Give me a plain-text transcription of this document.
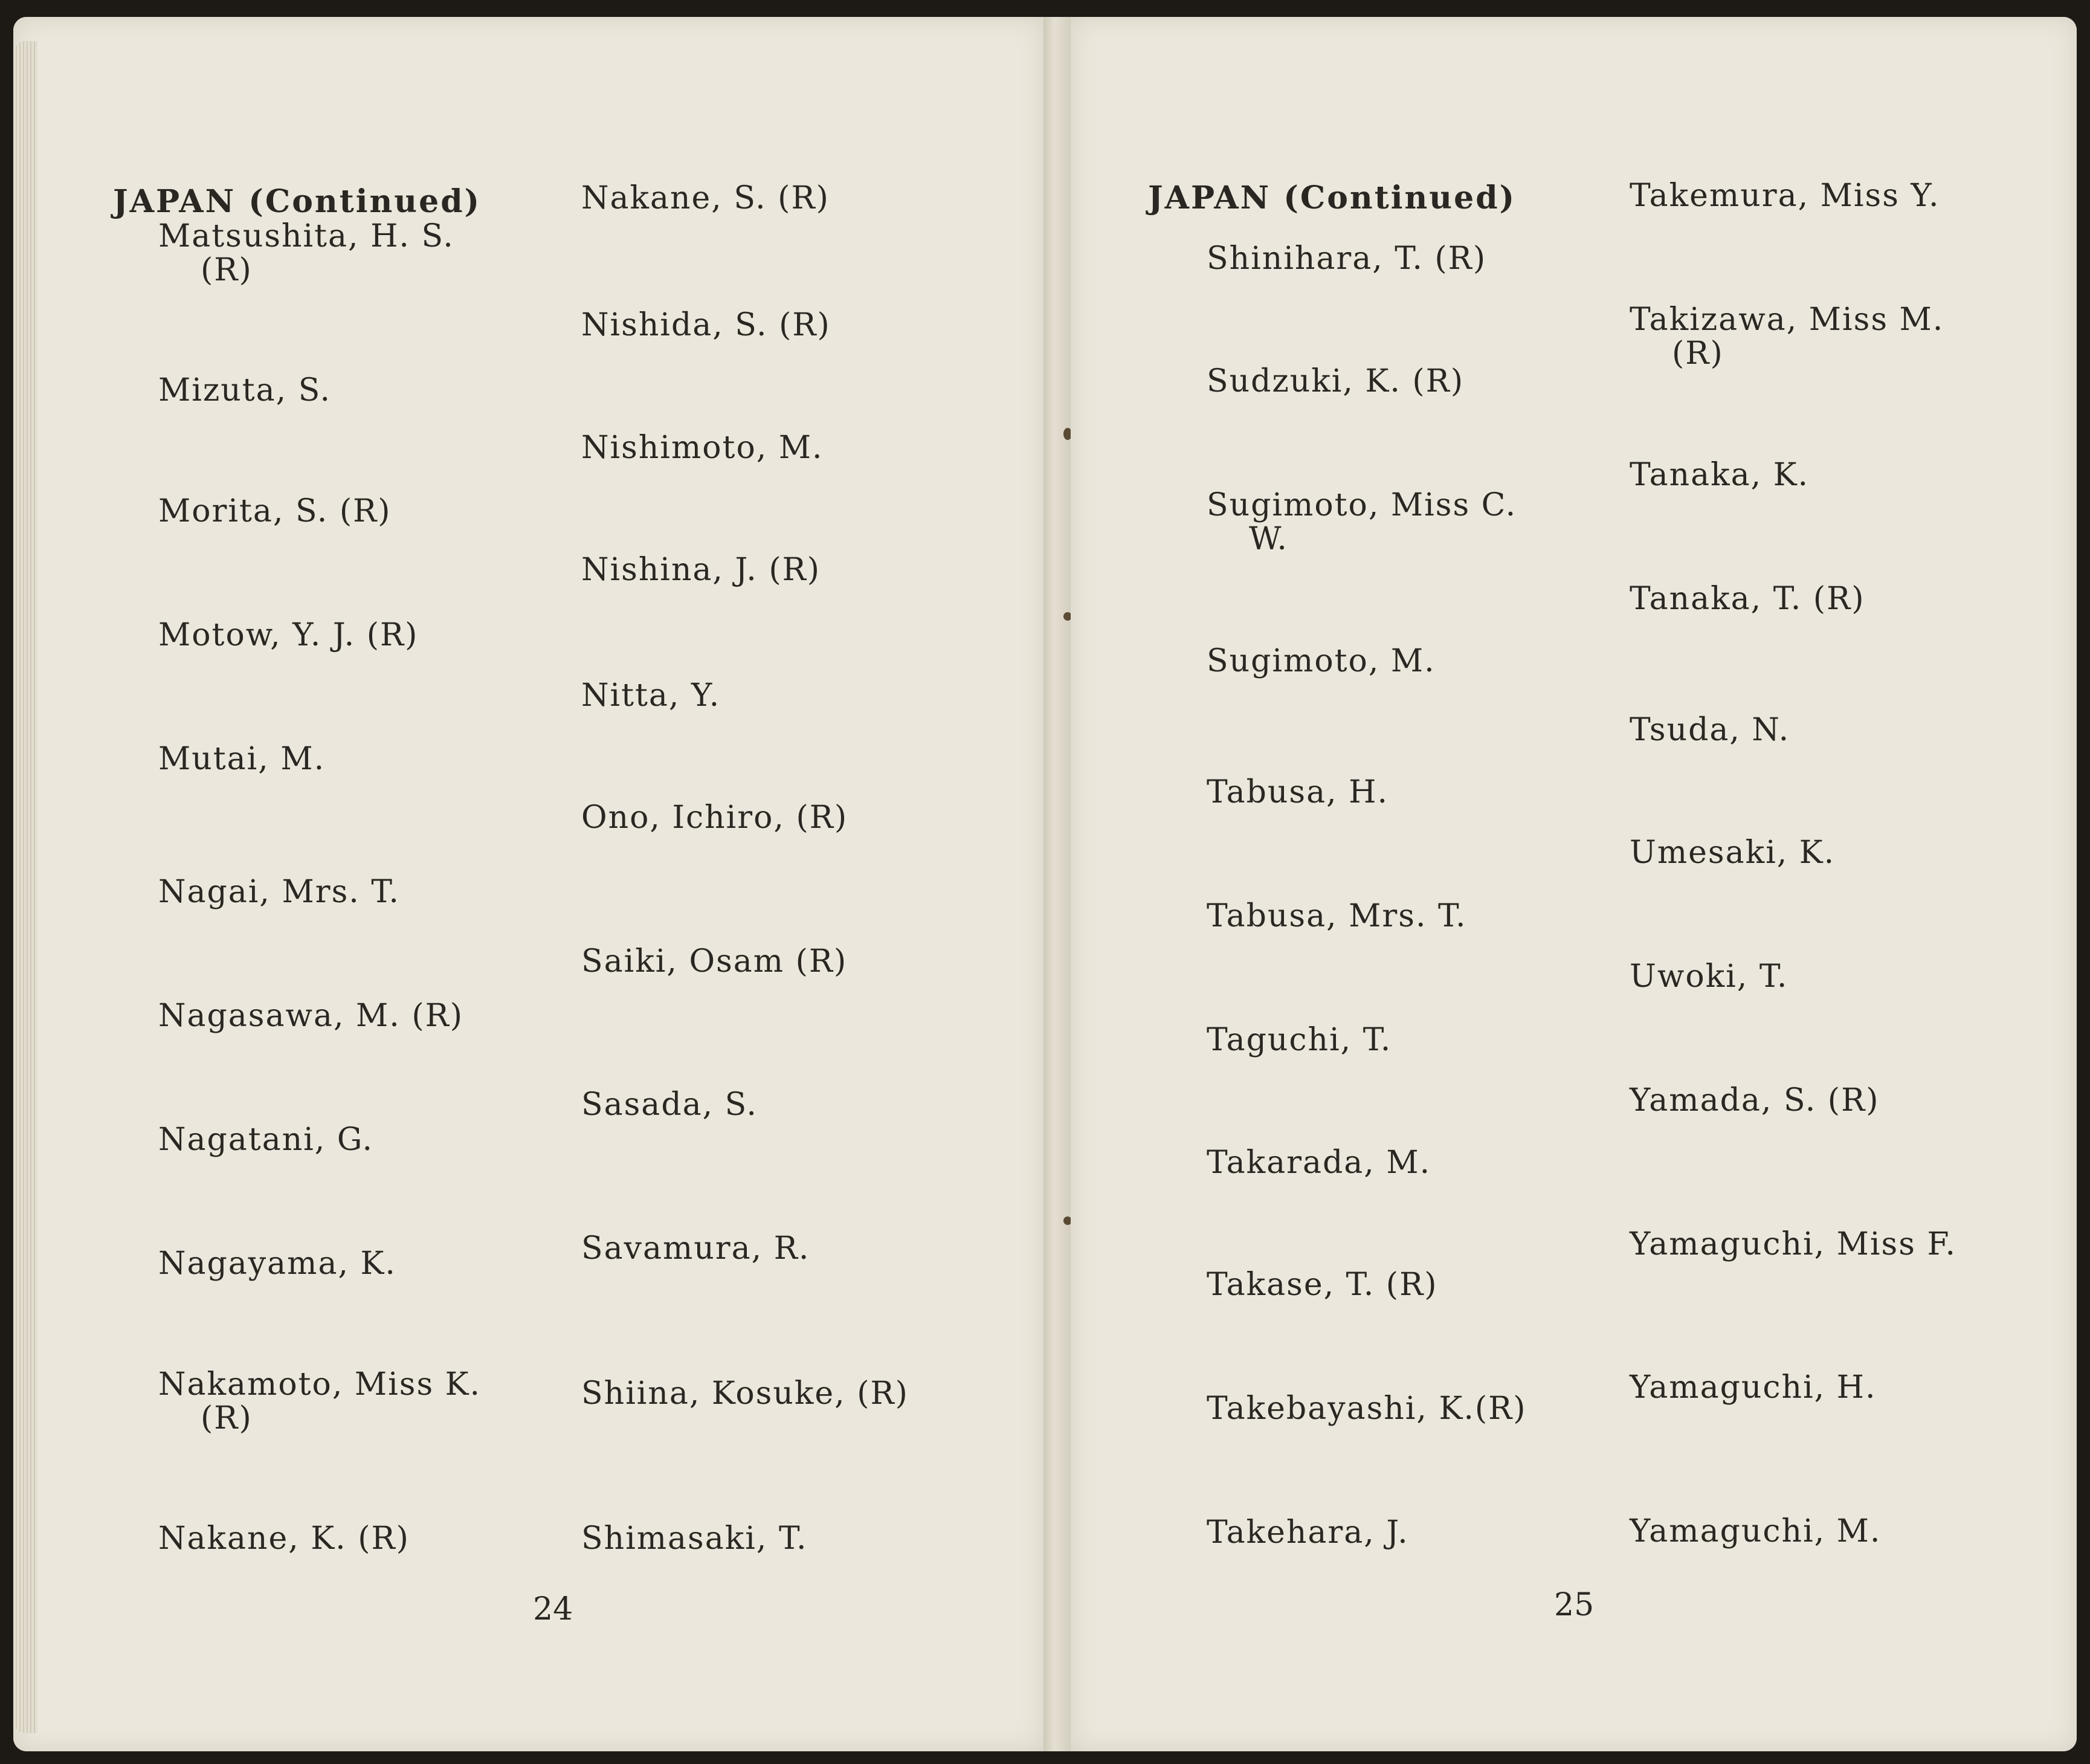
JAPAN (Continued)
Matsushita, H. S.
(R)
Mizuta, S.
Morita, S. (R)
Motow, Y. J. (R)
Mutai, M.
Nagai, Mrs. T.
Nagasawa, M. (R)
Nagatani, G.
Nagayama, K.
Nakamoto, Miss K.
(R)
Nakane, K. (R)
Nakane, S. (R)
Nishida, S. (R)
Nishimoto, M.
Nishina, J. (R)
Nitta, Y.
Ono, Ichiro, (R)
Saiki, Osam (R)
Sasada, S.
Savamura, R.
Shiina, Kosuke, (R)
Shimasaki, T.
24
JAPAN (Continued)
Shinihara, T. (R)
Sudzuki, K. (R)
Sugimoto, Miss C.
W.
Sugimoto, M.
Tabusa, H.
Tabusa, Mrs. T.
Taguchi, T.
Takarada, M.
Takase, T. (R)
Takebayashi, K.(R)
Takehara, J.
Takemura, Miss Y.
Takizawa, Miss M.
(R)
Tanaka, K.
Tanaka, T. (R)
Tsuda, N.
Umesaki, K.
Uwoki, T.
Yamada, S. (R)
Yamaguchi, Miss F.
Yamaguchi, H.
Yamaguchi, M.
25
